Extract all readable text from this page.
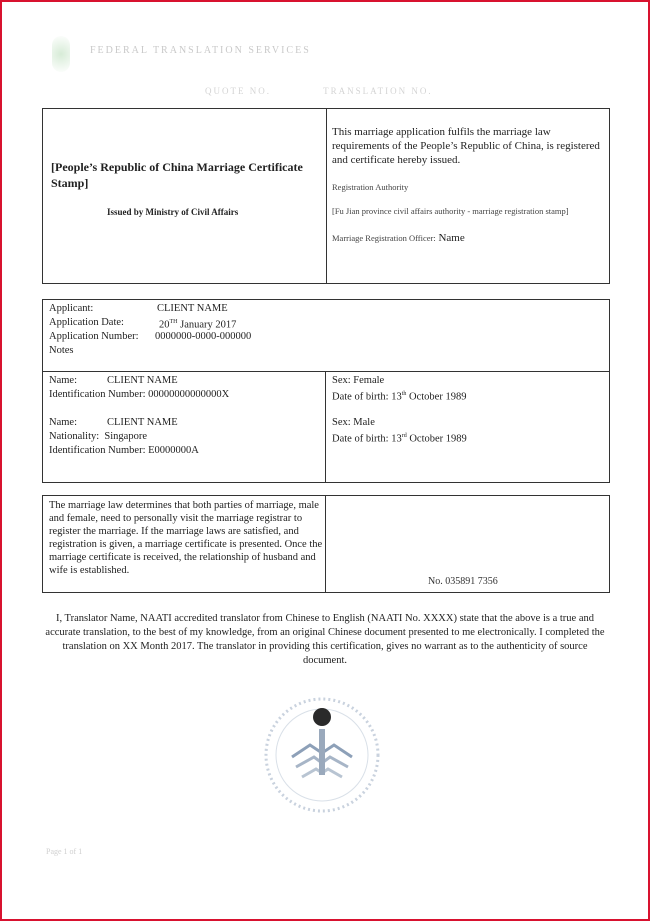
FEDERAL TRANSLATION SERVICES
QUOTE NO.	TRANSLATION NO.
[People’s Republic of China Marriage Certificate Stamp]
Issued by Ministry of Civil Affairs
This marriage application fulfils the marriage law requirements of the People’s Republic of China, is registered and certificate hereby issued.
Registration Authority
[Fu Jian province civil affairs authority - marriage registration stamp]
Marriage Registration Officer: Name
Applicant:	CLIENT NAME
Application Date:	20TH January 2017
Application Number: 0000000-0000-000000
Notes
Name:	CLIENT NAME
Identification Number: 00000000000000X
Sex: Female
Date of birth: 13th October 1989
Name:	CLIENT NAME
Nationality: Singapore
Identification Number: E0000000A
Sex: Male
Date of birth: 13rd October 1989
The marriage law determines that both parties of marriage, male and female, need to personally visit the marriage registrar to register the marriage. If the marriage laws are satisfied, and registration is given, a marriage certificate is presented. Once the marriage certificate is received, the relationship of husband and wife is established.
No. 035891 7356
I, Translator Name, NAATI accredited translator from Chinese to English (NAATI No. XXXX) state that the above is a true and accurate translation, to the best of my knowledge, from an original Chinese document presented to me electronically. I completed the translation on XX Month 2017. The translator in providing this certification, gives no warrant as to the authenticity of source document.
Page 1 of 1
